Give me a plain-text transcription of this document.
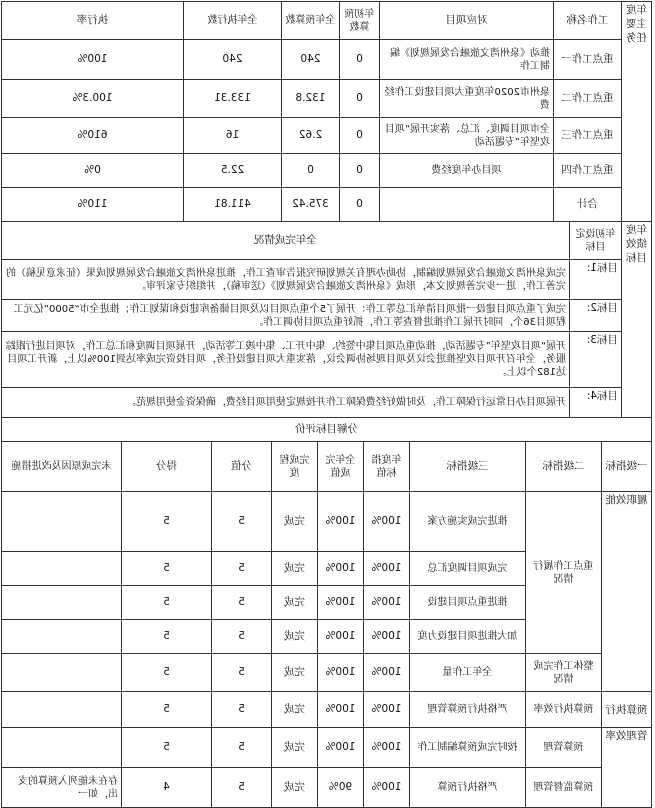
年度主要任务	工作名称	对应项目	年初预算数	全年预算数	全年执行数	执行率
	重点工作一	推动《泉州湾文旅融合发展规划》编制工作	0	240	240	100%
	重点工作二	泉州市2020年度重大项目建设工作经费	0	132.8	133.31	100.3%
	重点工作三	全市项目调度、汇总、落实开展“项目攻坚年”专题活动	0	2.62	16	610%
	重点工作四	项目办年度经费	0	0	22.5	0%
	合计		0	375.42	411.81	110%
年度绩效目标	年初设定目标	全年完成情况
	目标1:	完成泉州湾文旅融合发展规划编制，协助办理有关规划研究报告审查工作，推进泉州湾文旅融合发展规划成果（征求意见稿）的完善工作，进一步完善规划文本，形成《泉州湾文旅融合发展规划》（送审稿），并组织专家评审。
	目标2:	完成了重点项目建设一批项目清单汇总等工作：开展了5个重点项目以及项目储备库建设和谋划工作；推进全市“5000”亿元工程项目36个，同时开展工作推进督查等工作，抓好重点项目协调工作。
	目标3:	开展“项目攻坚年”专题活动，推动重点项目集中签约、集中开工、集中竣工等活动，开展项目调度和汇总工作，对项目进行跟踪服务，全年召开项目攻坚推进会议及项目现场协调会议，落实重大项目建设任务，项目投资完成率达到100%以上，新开工项目达182个以上。
	目标4:	开展项目办日常运行保障工作，及时做好经费保障工作并按规定使用项目经费，确保资金使用规范。
分解目标评价								
一级指标	二级指标	三级指标	年度指标值	全年完成值	完成程度	分值	得分	未完成原因及改进措施
履职效能	重点工作履行情况	推进完成实施方案	100%	100%	完成	5	5	
		完成项目调度汇总	100%	100%	完成	5	5	
		推进重点项目建设	100%	100%	完成	5	5	
		加大推进项目建设力度	100%	100%	完成	5	5	
	整体工作完成情况	全年工作量	100%	100%	完成	5	5	
预算执行	预算执行效率	严格执行预算管理	100%	100%	完成	5	5	
管理效率	预算管理	按时完成预算编制工作	100%	100%	完成	5	5	
	预算监督管理	严格执行预算	100%	90%	完成	5	4	存在未能列入预算的支出，如一
